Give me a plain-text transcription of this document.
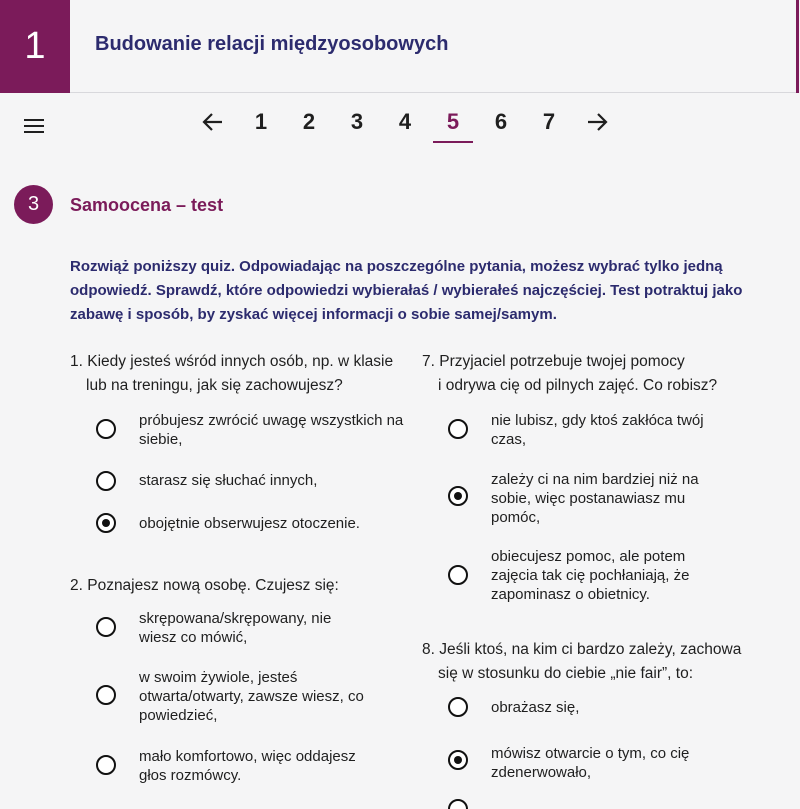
1 Budowanie relacji międzyosobowych
1	2	3	4	5	6	7
3 Samoocena – test
Rozwiąż poniższy quiz. Odpowiadając na poszczególne pytania, możesz wybrać tylko jedną odpowiedź. Sprawdź, które odpowiedzi wybierałaś / wybierałeś najczęściej. Test potraktuj jako zabawę i sposób, by zyskać więcej informacji o sobie samej/samym.
1. Kiedy jesteś wśród innych osób, np. w klasie
lub na treningu, jak się zachowujesz?
próbujesz zwrócić uwagę wszystkich na siebie,
starasz się słuchać innych,
obojętnie obserwujesz otoczenie.
2. Poznajesz nową osobę. Czujesz się:
skrępowana/skrępowany, nie wiesz co mówić,
w swoim żywiole, jesteś otwarta/otwarty, zawsze wiesz, co powiedzieć,
mało komfortowo, więc oddajesz głos rozmówcy.
7. Przyjaciel potrzebuje twojej pomocy
i odrywa cię od pilnych zajęć. Co robisz?
nie lubisz, gdy ktoś zakłóca twój czas,
zależy ci na nim bardziej niż na sobie, więc postanawiasz mu pomóc,
obiecujesz pomoc, ale potem zajęcia tak cię pochłaniają, że zapominasz o obietnicy.
8. Jeśli ktoś, na kim ci bardzo zależy, zachowa
się w stosunku do ciebie „nie fair”, to:
obrażasz się,
mówisz otwarcie o tym, co cię zdenerwowało,
